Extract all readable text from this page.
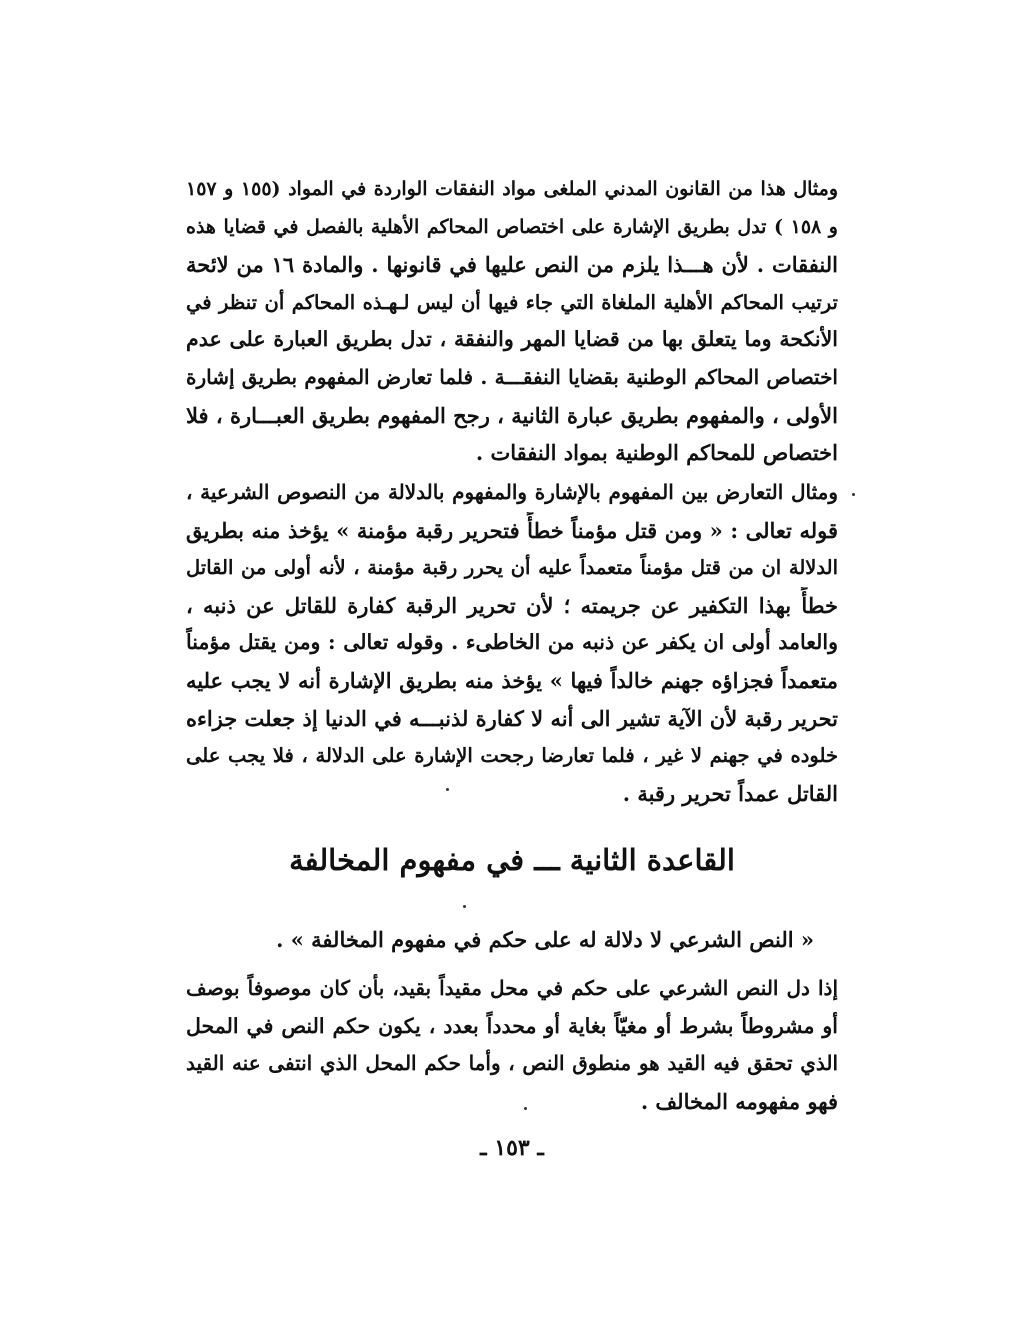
ومثال هذا من القانون المدني الملغى مواد النفقات الواردة في المواد (١٥٥ و ١٥٧
و ١٥٨ ) تدل بطريق الإشارة على اختصاص المحاكم الأهلية بالفصل في قضايا هذه
النفقات . لأن هـــذا يلزم من النص عليها في قانونها . والمادة ١٦ من لائحة
ترتيب المحاكم الأهلية الملغاة التي جاء فيها أن ليس لـهـذه المحاكم أن تنظر في
الأنكحة وما يتعلق بها من قضايا المهر والنفقة ، تدل بطريق العبارة على عدم
اختصاص المحاكم الوطنية بقضايا النفقـــة . فلما تعارض المفهوم بطريق إشارة
الأولى ، والمفهوم بطريق عبارة الثانية ، رجح المفهوم بطريق العبـــارة ، فلا
اختصاص للمحاكم الوطنية بمواد النفقات .
ومثال التعارض بين المفهوم بالإشارة والمفهوم بالدلالة من النصوص الشرعية ،
قوله تعالى : « ومن قتل مؤمناً خطأً فتحرير رقبة مؤمنة » يؤخذ منه بطريق
الدلالة ان من قتل مؤمناً متعمداً عليه أن يحرر رقبة مؤمنة ، لأنه أولى من القاتل
خطأً بهذا التكفير عن جريمته ؛ لأن تحرير الرقبة كفارة للقاتل عن ذنبه ،
والعامد أولى ان يكفر عن ذنبه من الخاطىء . وقوله تعالى : ومن يقتل مؤمناً
متعمداً فجزاؤه جهنم خالداً فيها » يؤخذ منه بطريق الإشارة أنه لا يجب عليه
تحرير رقبة لأن الآية تشير الى أنه لا كفارة لذنبـــه في الدنيا إذ جعلت جزاءه
خلوده في جهنم لا غير ، فلما تعارضا رجحت الإشارة على الدلالة ، فلا يجب على
القاتل عمداً تحرير رقبة .
القاعدة الثانية ـــ في مفهوم المخالفة

« النص الشرعي لا دلالة له على حكم في مفهوم المخالفة » .

إذا دل النص الشرعي على حكم في محل مقيداً بقيد، بأن كان موصوفاً بوصف
أو مشروطاً بشرط أو مغيّاً بغاية أو محدداً بعدد ، يكون حكم النص في المحل
الذي تحقق فيه القيد هو منطوق النص ، وأما حكم المحل الذي انتفى عنه القيد
فهو مفهومه المخالف .

ـ ١٥٣ ـ
